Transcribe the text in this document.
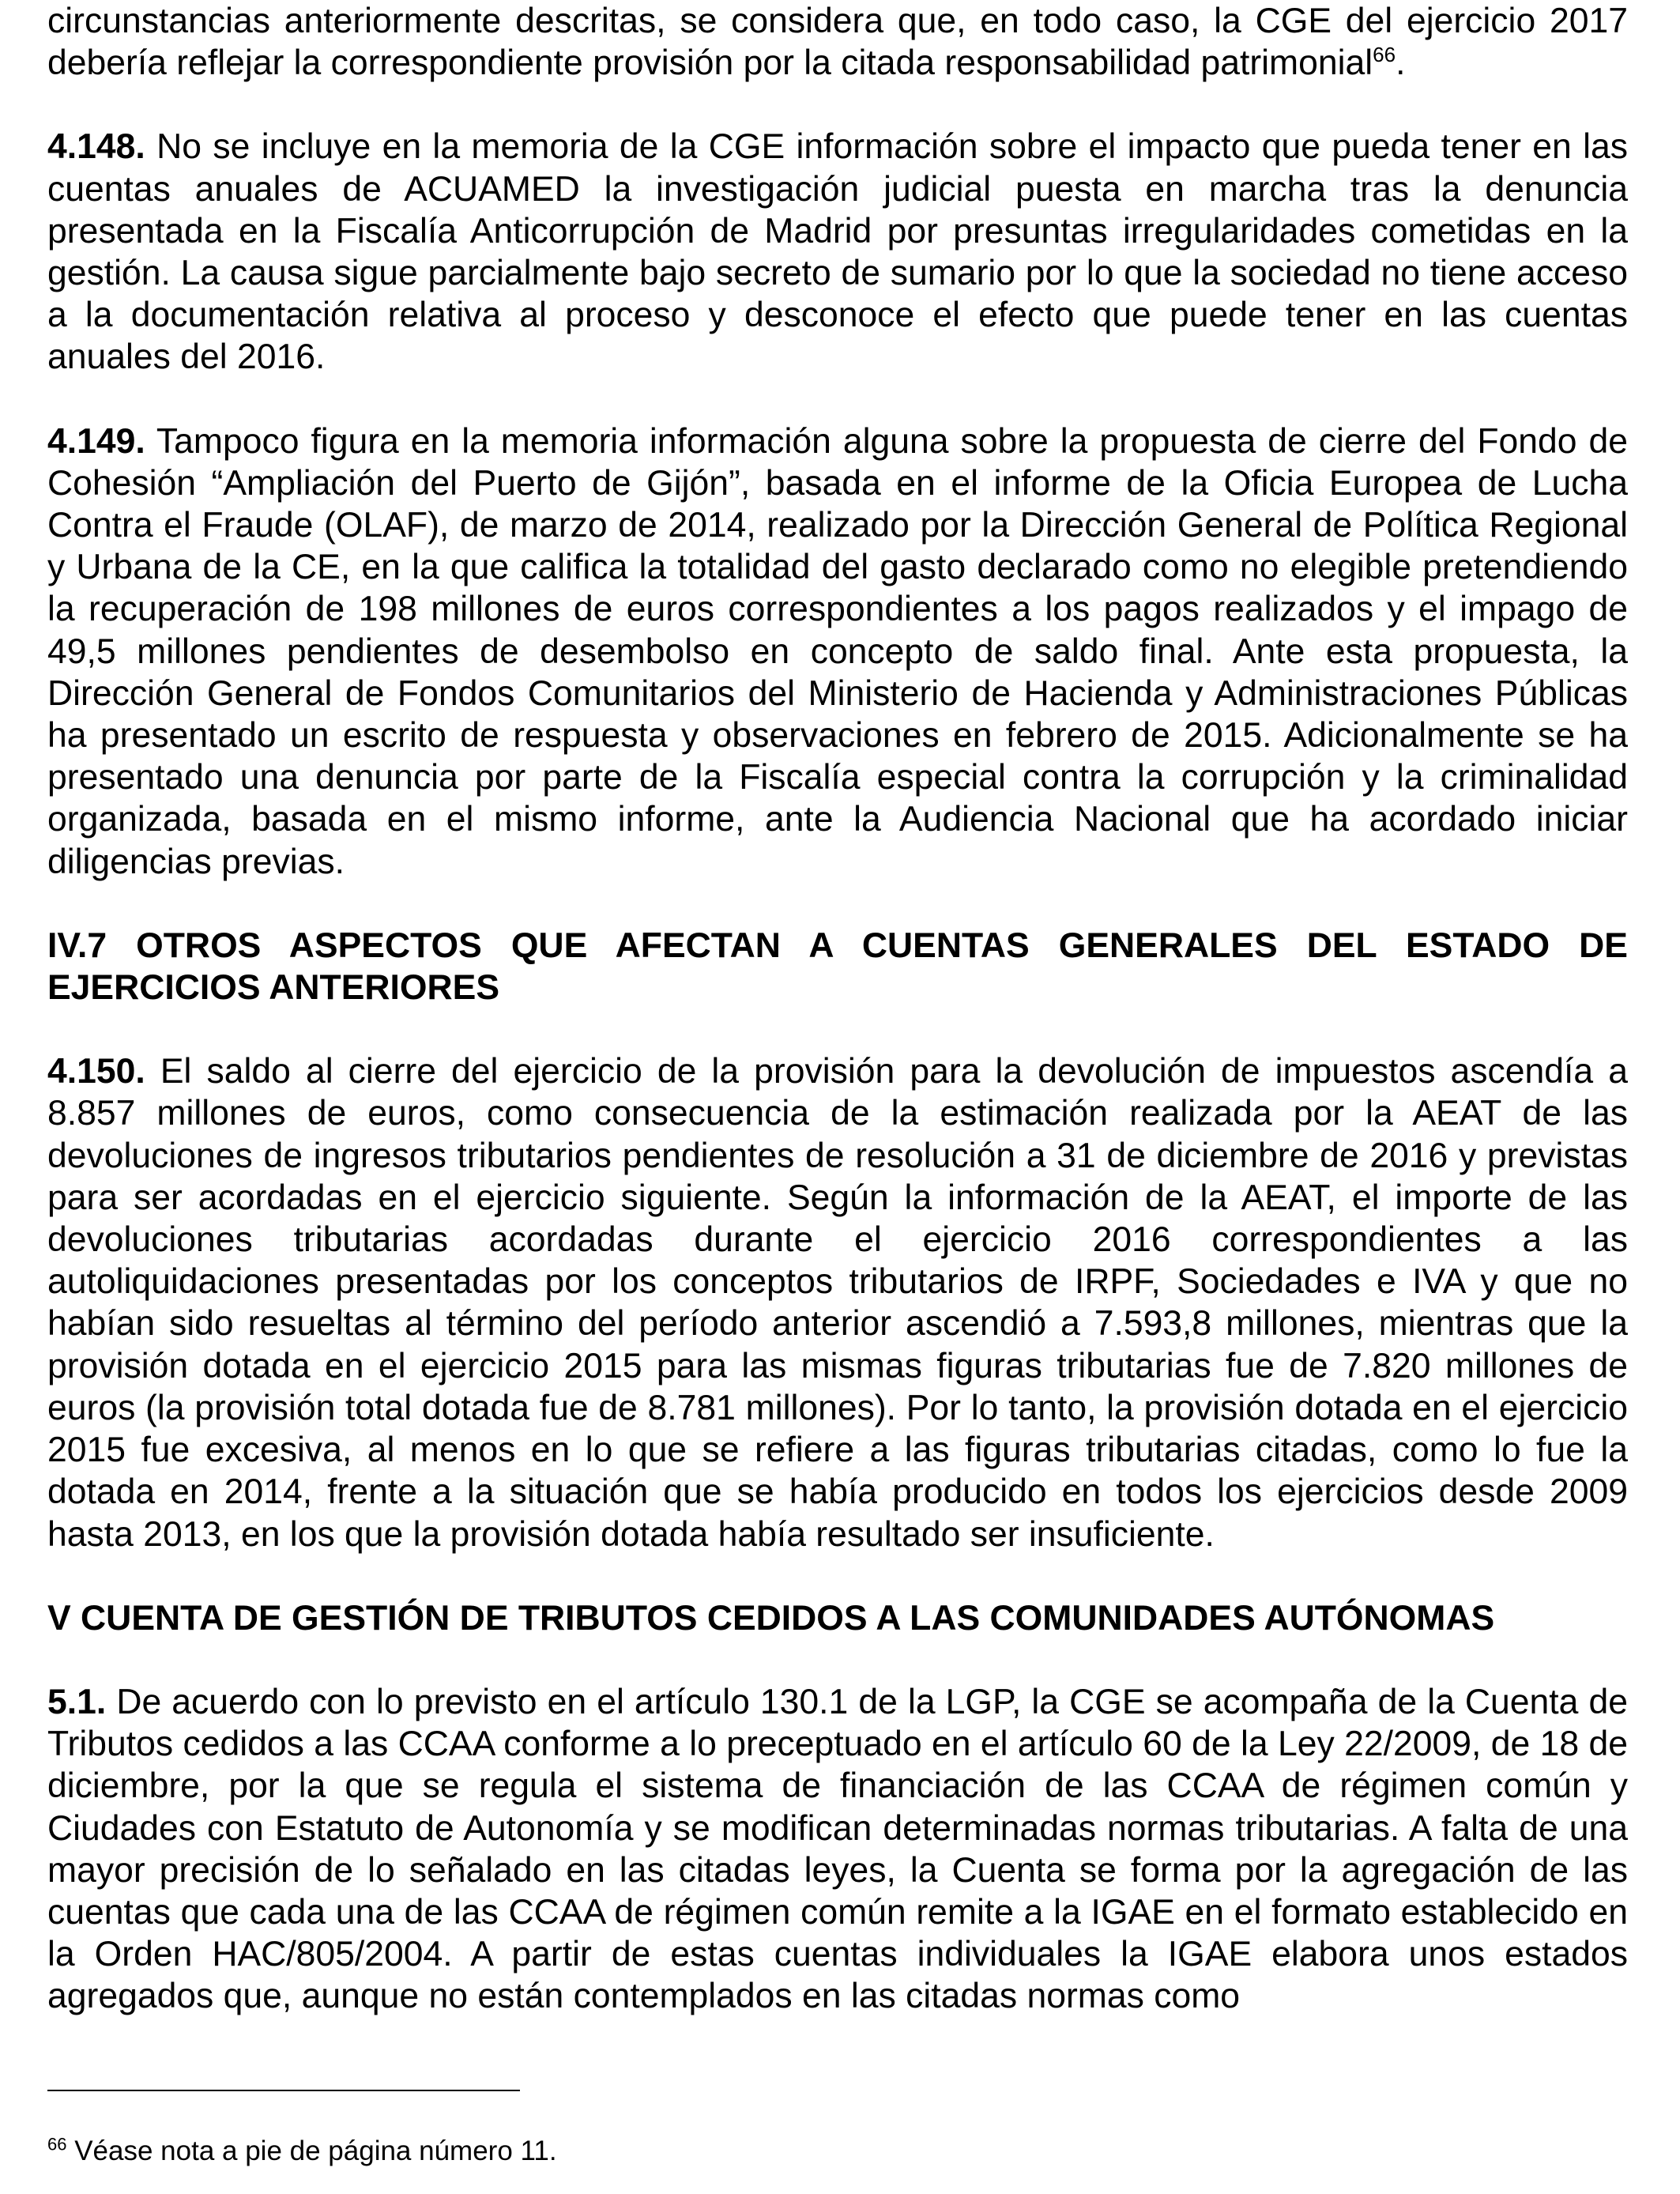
circunstancias anteriormente descritas, se considera que, en todo caso, la CGE del ejercicio 2017 debería reflejar la correspondiente provisión por la citada responsabilidad patrimonial$^{66}$.

4.148. No se incluye en la memoria de la CGE información sobre el impacto que pueda tener en las cuentas anuales de ACUAMED la investigación judicial puesta en marcha tras la denuncia presentada en la Fiscalía Anticorrupción de Madrid por presuntas irregularidades cometidas en la gestión. La causa sigue parcialmente bajo secreto de sumario por lo que la sociedad no tiene acceso a la documentación relativa al proceso y desconoce el efecto que puede tener en las cuentas anuales del 2016.

4.149. Tampoco figura en la memoria información alguna sobre la propuesta de cierre del Fondo de Cohesión “Ampliación del Puerto de Gijón”, basada en el informe de la Oficia Europea de Lucha Contra el Fraude (OLAF), de marzo de 2014, realizado por la Dirección General de Política Regional y Urbana de la CE, en la que califica la totalidad del gasto declarado como no elegible pretendiendo la recuperación de 198 millones de euros correspondientes a los pagos realizados y el impago de 49,5 millones pendientes de desembolso en concepto de saldo final. Ante esta propuesta, la Dirección General de Fondos Comunitarios del Ministerio de Hacienda y Administraciones Públicas ha presentado un escrito de respuesta y observaciones en febrero de 2015. Adicionalmente se ha presentado una denuncia por parte de la Fiscalía especial contra la corrupción y la criminalidad organizada, basada en el mismo informe, ante la Audiencia Nacional que ha acordado iniciar diligencias previas.

IV.7 OTROS ASPECTOS QUE AFECTAN A CUENTAS GENERALES DEL ESTADO DE EJERCICIOS ANTERIORES

4.150. El saldo al cierre del ejercicio de la provisión para la devolución de impuestos ascendía a 8.857 millones de euros, como consecuencia de la estimación realizada por la AEAT de las devoluciones de ingresos tributarios pendientes de resolución a 31 de diciembre de 2016 y previstas para ser acordadas en el ejercicio siguiente. Según la información de la AEAT, el importe de las devoluciones tributarias acordadas durante el ejercicio 2016 correspondientes a las autoliquidaciones presentadas por los conceptos tributarios de IRPF, Sociedades e IVA y que no habían sido resueltas al término del período anterior ascendió a 7.593,8 millones, mientras que la provisión dotada en el ejercicio 2015 para las mismas figuras tributarias fue de 7.820 millones de euros (la provisión total dotada fue de 8.781 millones). Por lo tanto, la provisión dotada en el ejercicio 2015 fue excesiva, al menos en lo que se refiere a las figuras tributarias citadas, como lo fue la dotada en 2014, frente a la situación que se había producido en todos los ejercicios desde 2009 hasta 2013, en los que la provisión dotada había resultado ser insuficiente.

V CUENTA DE GESTIÓN DE TRIBUTOS CEDIDOS A LAS COMUNIDADES AUTÓNOMAS

5.1. De acuerdo con lo previsto en el artículo 130.1 de la LGP, la CGE se acompaña de la Cuenta de Tributos cedidos a las CCAA conforme a lo preceptuado en el artículo 60 de la Ley 22/2009, de 18 de diciembre, por la que se regula el sistema de financiación de las CCAA de régimen común y Ciudades con Estatuto de Autonomía y se modifican determinadas normas tributarias. A falta de una mayor precisión de lo señalado en las citadas leyes, la Cuenta se forma por la agregación de las cuentas que cada una de las CCAA de régimen común remite a la IGAE en el formato establecido en la Orden HAC/805/2004. A partir de estas cuentas individuales la IGAE elabora unos estados agregados que, aunque no están contemplados en las citadas normas como

$^{66}$ Véase nota a pie de página número 11.
